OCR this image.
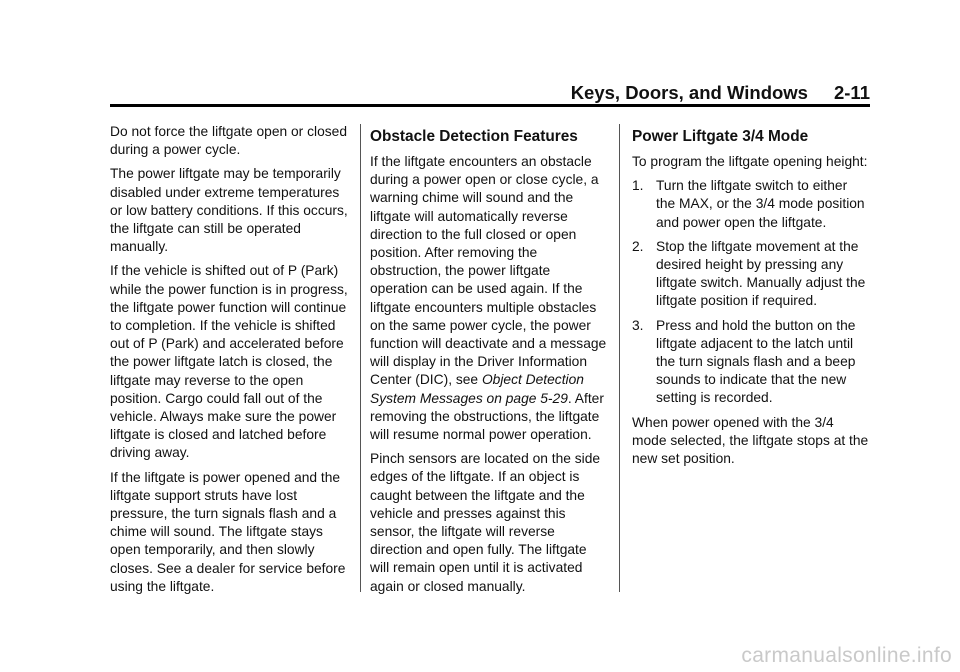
Keys, Doors, and Windows 2-11

Do not force the liftgate open or closed during a power cycle.

The power liftgate may be temporarily disabled under extreme temperatures or low battery conditions. If this occurs, the liftgate can still be operated manually.

If the vehicle is shifted out of P (Park) while the power function is in progress, the liftgate power function will continue to completion. If the vehicle is shifted out of P (Park) and accelerated before the power liftgate latch is closed, the liftgate may reverse to the open position. Cargo could fall out of the vehicle. Always make sure the power liftgate is closed and latched before driving away.

If the liftgate is power opened and the liftgate support struts have lost pressure, the turn signals flash and a chime will sound. The liftgate stays open temporarily, and then slowly closes. See a dealer for service before using the liftgate.

Obstacle Detection Features

If the liftgate encounters an obstacle during a power open or close cycle, a warning chime will sound and the liftgate will automatically reverse direction to the full closed or open position. After removing the obstruction, the power liftgate operation can be used again. If the liftgate encounters multiple obstacles on the same power cycle, the power function will deactivate and a message will display in the Driver Information Center (DIC), see Object Detection System Messages on page 5‑29. After removing the obstructions, the liftgate will resume normal power operation.

Pinch sensors are located on the side edges of the liftgate. If an object is caught between the liftgate and the vehicle and presses against this sensor, the liftgate will reverse direction and open fully. The liftgate will remain open until it is activated again or closed manually.

Power Liftgate 3/4 Mode

To program the liftgate opening height:

1. Turn the liftgate switch to either the MAX, or the 3/4 mode position and power open the liftgate.
2. Stop the liftgate movement at the desired height by pressing any liftgate switch. Manually adjust the liftgate position if required.
3. Press and hold the button on the liftgate adjacent to the latch until the turn signals flash and a beep sounds to indicate that the new setting is recorded.

When power opened with the 3/4 mode selected, the liftgate stops at the new set position.

carmanualsonline.info
